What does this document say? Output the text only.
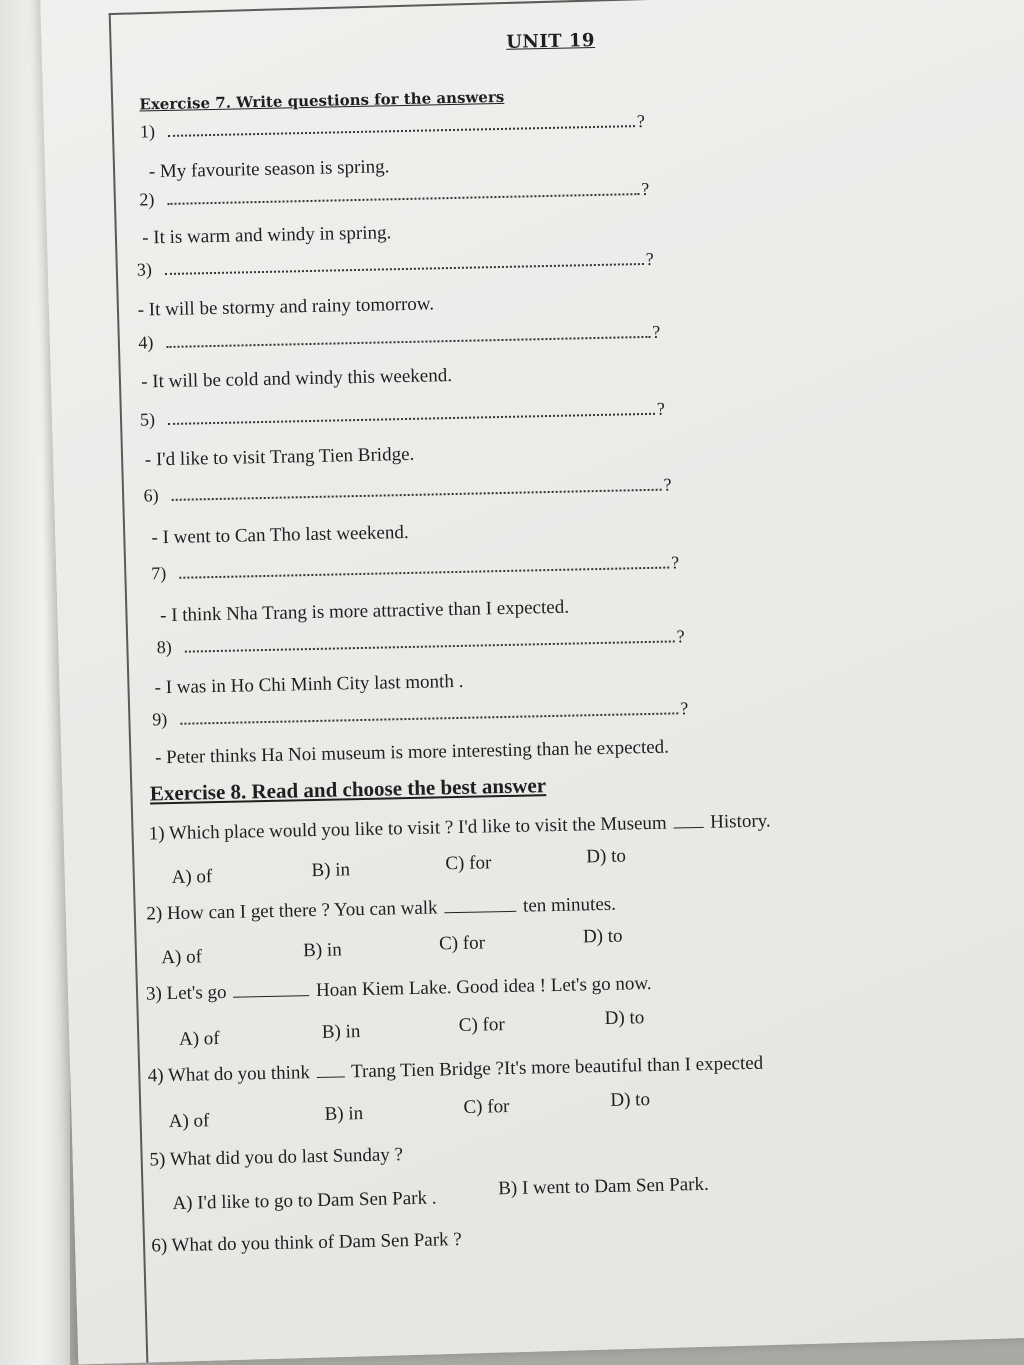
UNIT 19
Exercise 7. Write questions for the answers
1)
?
- My favourite season is spring.
2)
?
- It is warm and windy in spring.
3)
?
- It will be stormy and rainy tomorrow.
4)
?
- It will be cold and windy this weekend.
5)
?
- I'd like to visit Trang Tien Bridge.
6)
?
- I went to Can Tho last weekend.
7)
?
- I think Nha Trang is more attractive than I expected.
8)
?
- I was in Ho Chi Minh City last month .
9)
?
- Peter thinks Ha Noi museum is more interesting than he expected.
Exercise 8. Read and choose the best answer
1) Which place would you like to visit ? I'd like to visit the Museum History.
A) of	B) in	C) for	D) to
2) How can I get there ? You can walk	ten minutes.
A) of	B) in	C) for	D) to
3) Let's go	Hoan Kiem Lake. Good idea ! Let's go now.
A) of	B) in	C) for	D) to
4) What do you think Trang Tien Bridge ?It's more beautiful than I expected
A) of	B) in	C) for	D) to
5) What did you do last Sunday ?
A) I'd like to go to Dam Sen Park .
B) I went to Dam Sen Park.
6) What do you think of Dam Sen Park ?
